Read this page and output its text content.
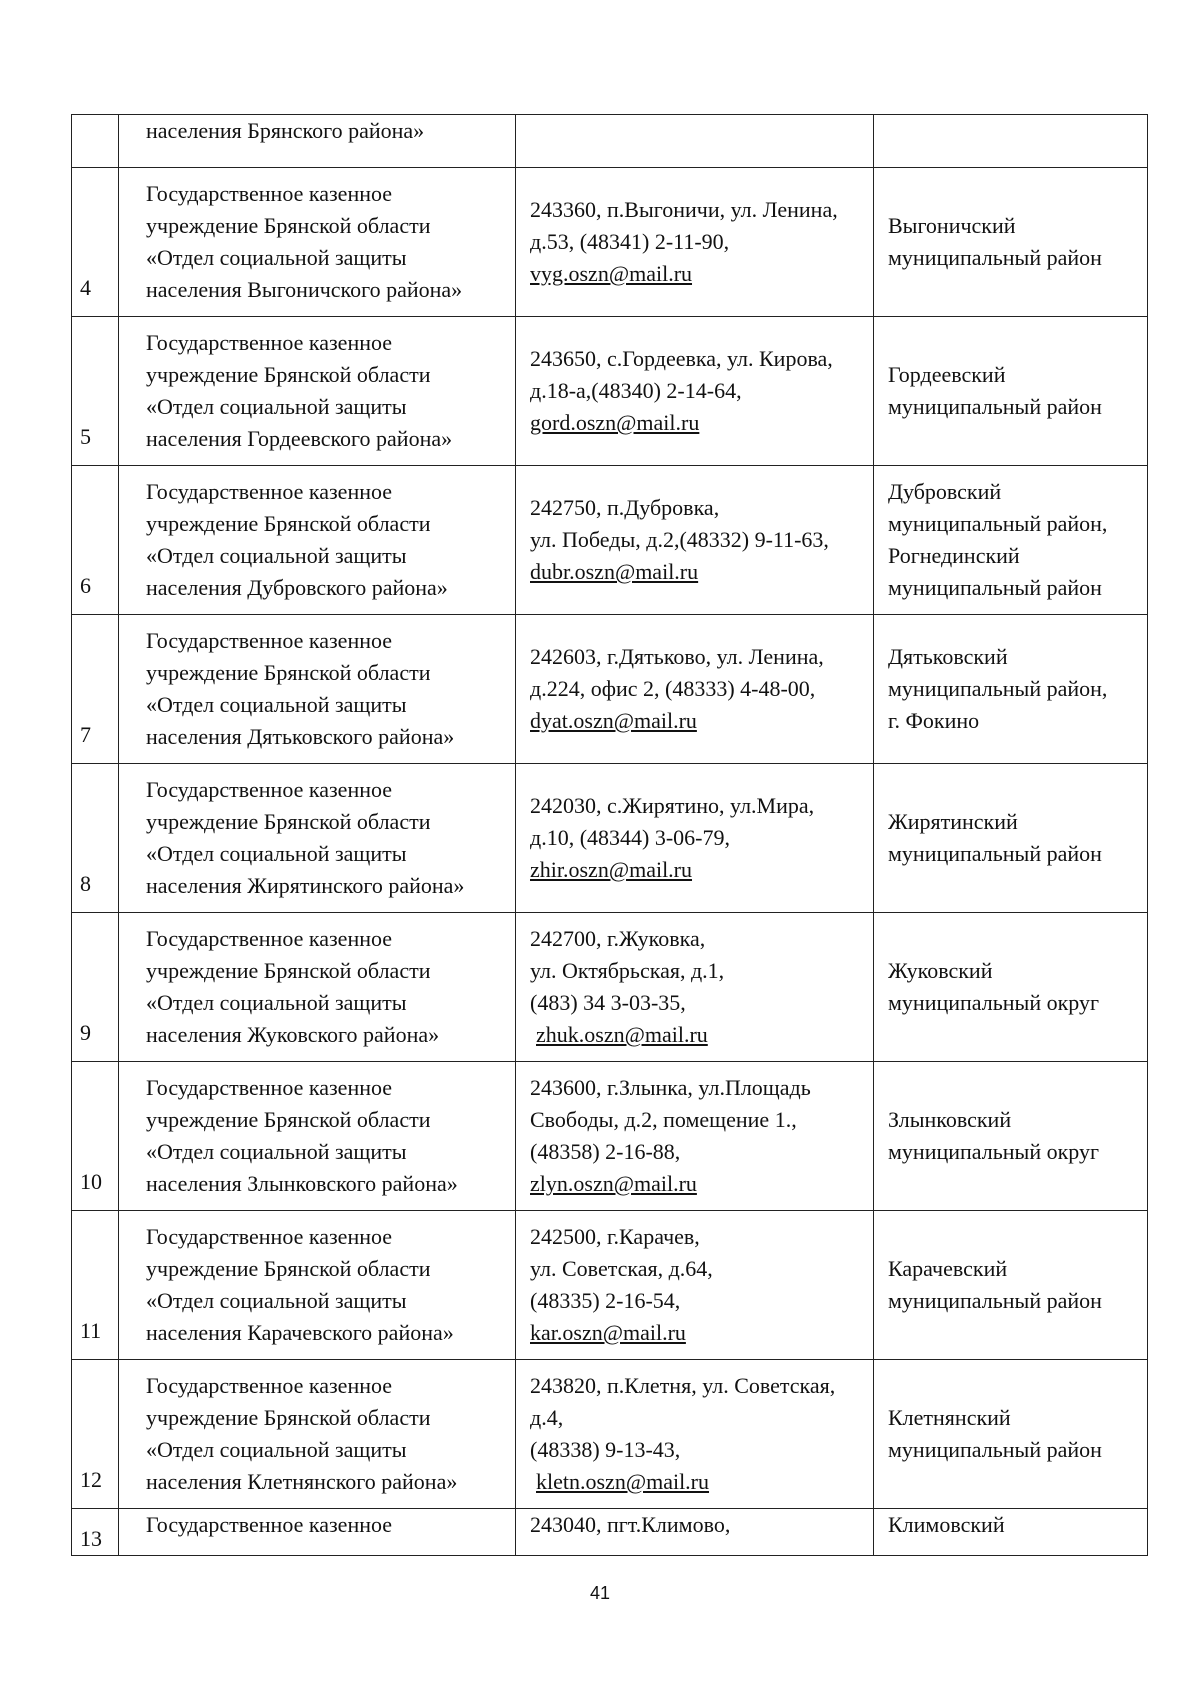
	населения Брянского района»		

4	Государственное казенное
учреждение Брянской области
«Отдел социальной защиты
населения Выгоничского района»	243360, п.Выгоничи, ул. Ленина,
д.53, (48341) 2-11-90,
vyg.oszn@mail.ru	Выгоничский
муниципальный район

5	Государственное казенное
учреждение Брянской области
«Отдел социальной защиты
населения Гордеевского района»	243650, с.Гордеевка, ул. Кирова,
д.18-а,(48340) 2-14-64,
gord.oszn@mail.ru	Гордеевский
муниципальный район

6	Государственное казенное
учреждение Брянской области
«Отдел социальной защиты
населения Дубровского района»	242750, п.Дубровка,
ул. Победы, д.2,(48332) 9-11-63,
dubr.oszn@mail.ru	Дубровский
муниципальный район,
Рогнединский
муниципальный район

7	Государственное казенное
учреждение Брянской области
«Отдел социальной защиты
населения Дятьковского района»	242603, г.Дятьково, ул. Ленина,
д.224, офис 2, (48333) 4-48-00,
dyat.oszn@mail.ru	Дятьковский
муниципальный район,
г. Фокино

8	Государственное казенное
учреждение Брянской области
«Отдел социальной защиты
населения Жирятинского района»	242030, с.Жирятино, ул.Мира,
д.10, (48344) 3-06-79,
zhir.oszn@mail.ru	Жирятинский
муниципальный район

9	Государственное казенное
учреждение Брянской области
«Отдел социальной защиты
населения Жуковского района»	242700, г.Жуковка,
ул. Октябрьская, д.1,
(483) 34 3-03-35,
zhuk.oszn@mail.ru	Жуковский
муниципальный округ

10	Государственное казенное
учреждение Брянской области
«Отдел социальной защиты
населения Злынковского района»	243600, г.Злынка, ул.Площадь
Свободы, д.2, помещение 1.,
(48358) 2-16-88,
zlyn.oszn@mail.ru	Злынковский
муниципальный округ

11	Государственное казенное
учреждение Брянской области
«Отдел социальной защиты
населения Карачевского района»	242500, г.Карачев,
ул. Советская, д.64,
(48335) 2-16-54,
kar.oszn@mail.ru	Карачевский
муниципальный район

12	Государственное казенное
учреждение Брянской области
«Отдел социальной защиты
населения Клетнянского района»	243820, п.Клетня, ул. Советская,
д.4,
(48338) 9-13-43,
kletn.oszn@mail.ru	Клетнянский
муниципальный район

13	Государственное казенное	243040, пгт.Климово,	Климовский
41
